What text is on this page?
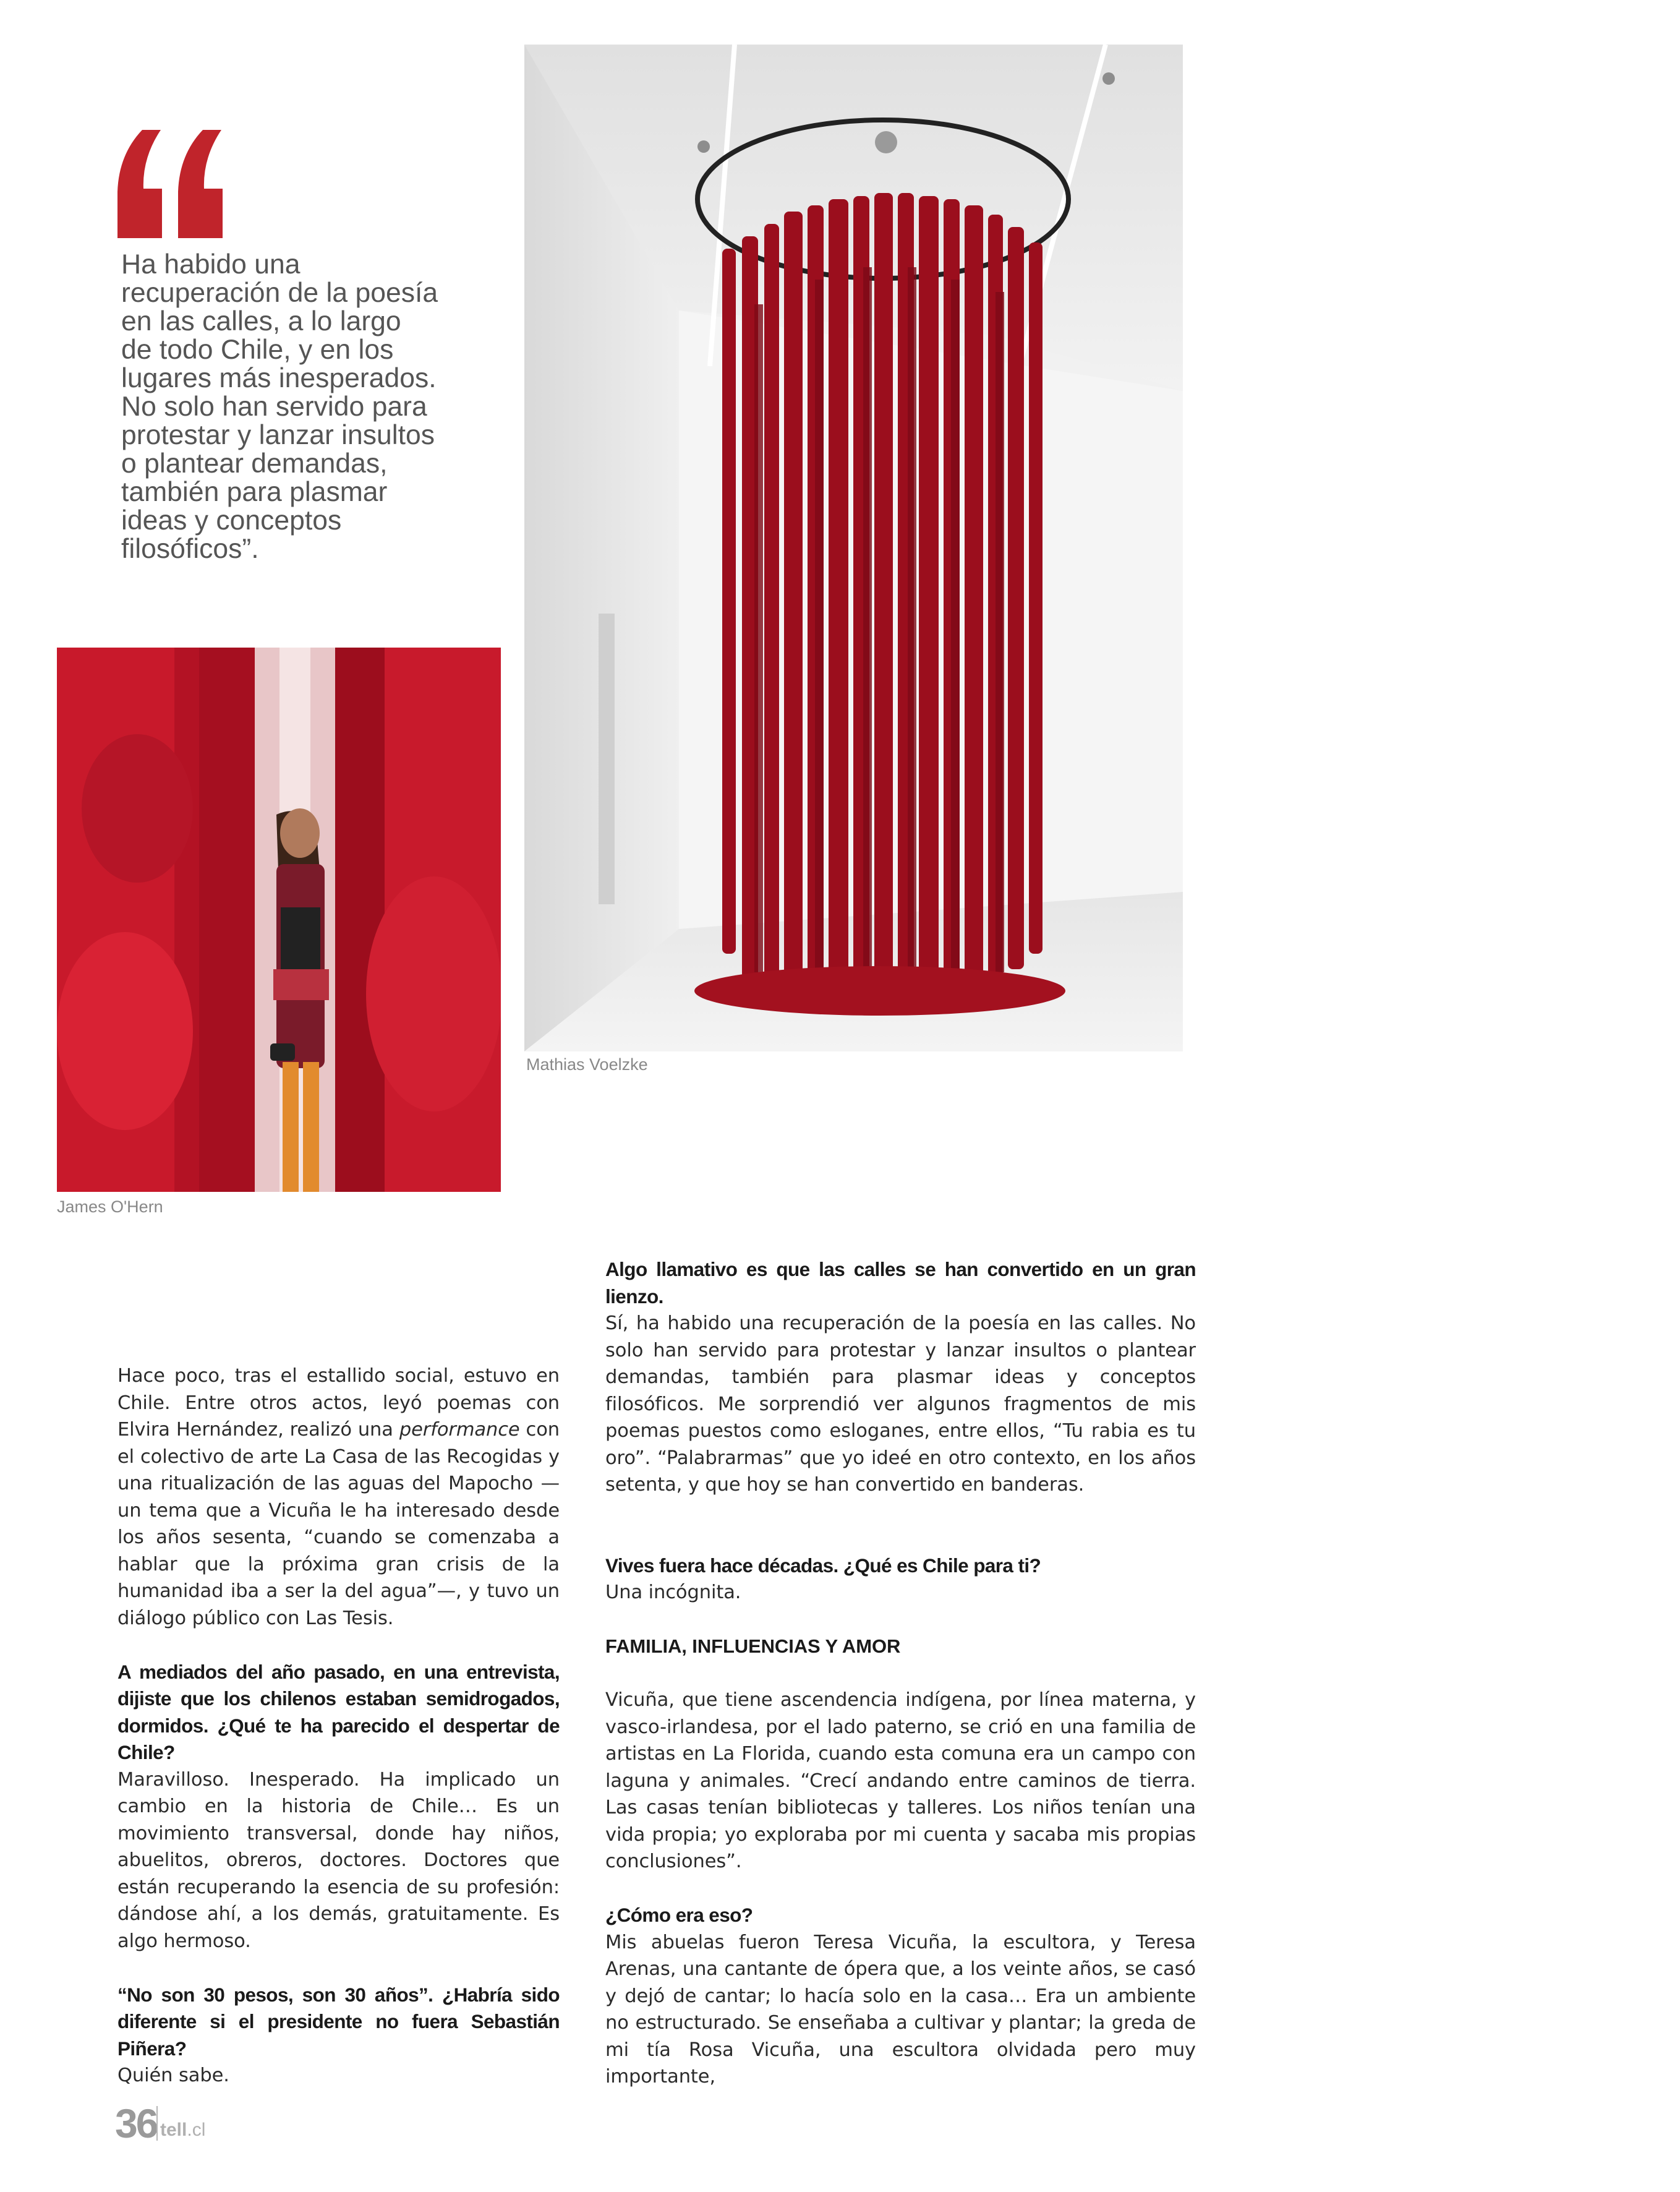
Ha habido una
recuperación de la poesía
en las calles, a lo largo
de todo Chile, y en los
lugares más inesperados.
No solo han servido para
protestar y lanzar insultos
o plantear demandas,
también para plasmar
ideas y conceptos
filosóficos”.
Mathias Voelzke
James O'Hern

Hace poco, tras el estallido social, estuvo en Chile. Entre otros actos, leyó poemas con Elvira Hernández, realizó una performance con el colectivo de arte La Casa de las Recogidas y una ritualización de las aguas del Mapocho —un tema que a Vicuña le ha interesado desde los años sesenta, “cuando se comenzaba a hablar que la próxima gran crisis de la humanidad iba a ser la del agua”—, y tuvo un diálogo público con Las Tesis.

A mediados del año pasado, en una entrevista, dijiste que los chilenos estaban semidrogados, dormidos. ¿Qué te ha parecido el despertar de Chile?

Maravilloso. Inesperado. Ha implicado un cambio en la historia de Chile… Es un movimiento transversal, donde hay niños, abuelitos, obreros, doctores. Doctores que están recuperando la esencia de su profesión: dándose ahí, a los demás, gratuitamente. Es algo hermoso.

“No son 30 pesos, son 30 años”. ¿Habría sido diferente si el presidente no fuera Sebastián Piñera?

Quién sabe.

Algo llamativo es que las calles se han convertido en un gran lienzo.

Sí, ha habido una recuperación de la poesía en las calles. No solo han servido para protestar y lanzar insultos o plantear demandas, también para plasmar ideas y conceptos filosóficos. Me sorprendió ver algunos fragmentos de mis poemas puestos como esloganes, entre ellos, “Tu rabia es tu oro”. “Palabrarmas” que yo ideé en otro contexto, en los años setenta, y que hoy se han convertido en banderas.

Vives fuera hace décadas. ¿Qué es Chile para ti?

Una incógnita.

FAMILIA, INFLUENCIAS Y AMOR

Vicuña, que tiene ascendencia indígena, por línea materna, y vasco-irlandesa, por el lado paterno, se crió en una familia de artistas en La Florida, cuando esta comuna era un campo con laguna y animales. “Crecí andando entre caminos de tierra. Las casas tenían bibliotecas y talleres. Los niños tenían una vida propia; yo exploraba por mi cuenta y sacaba mis propias conclusiones”.

¿Cómo era eso?

Mis abuelas fueron Teresa Vicuña, la escultora, y Teresa Arenas, una cantante de ópera que, a los veinte años, se casó y dejó de cantar; lo hacía solo en la casa… Era un ambiente no estructurado. Se enseñaba a cultivar y plantar; la greda de mi tía Rosa Vicuña, una escultora olvidada pero muy importante,

36 tell.cl
